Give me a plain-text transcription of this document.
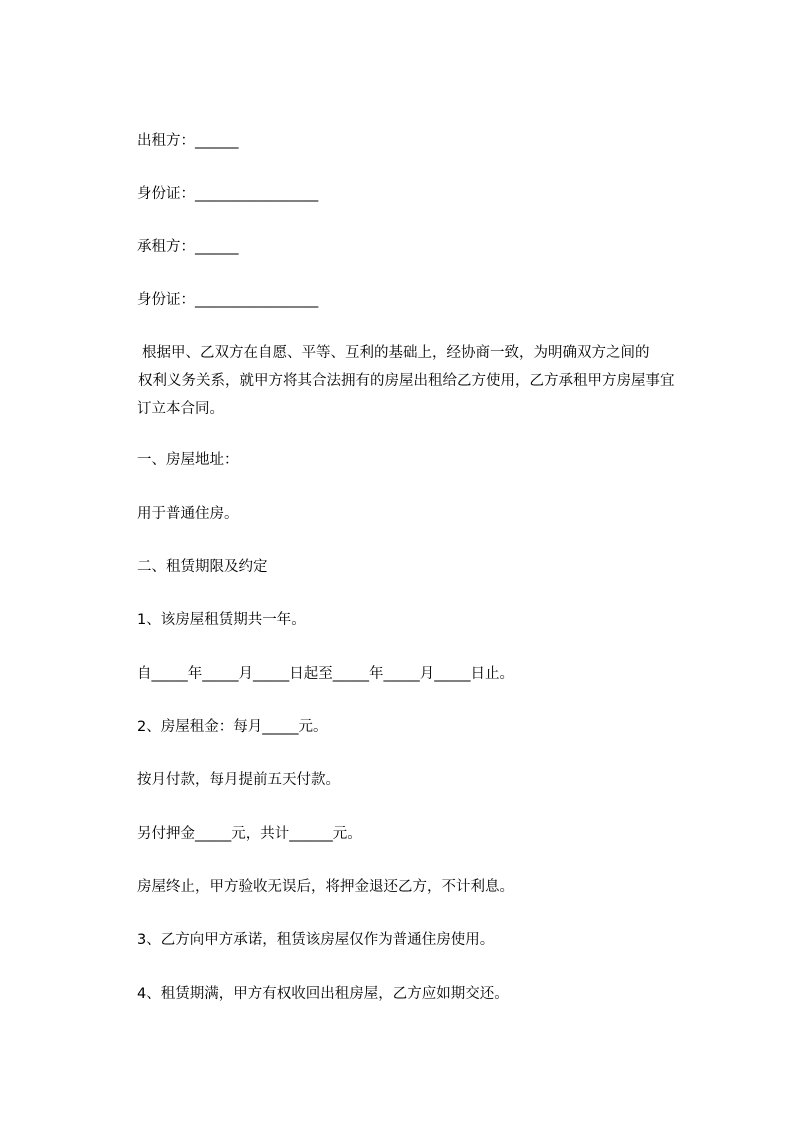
出租方：______

身份证：_________________

承租方：______

身份证：_________________

根据甲、乙双方在自愿、平等、互利的基础上，经协商一致，为明确双方之间的
权利义务关系，就甲方将其合法拥有的房屋出租给乙方使用，乙方承租甲方房屋事宜
订立本合同。

一、房屋地址：

用于普通住房。

二、租赁期限及约定

1、该房屋租赁期共一年。

自_____年_____月_____日起至_____年_____月_____日止。

2、房屋租金：每月_____元。

按月付款，每月提前五天付款。

另付押金_____元，共计______元。

房屋终止，甲方验收无误后，将押金退还乙方，不计利息。

3、乙方向甲方承诺，租赁该房屋仅作为普通住房使用。

4、租赁期满，甲方有权收回出租房屋，乙方应如期交还。
